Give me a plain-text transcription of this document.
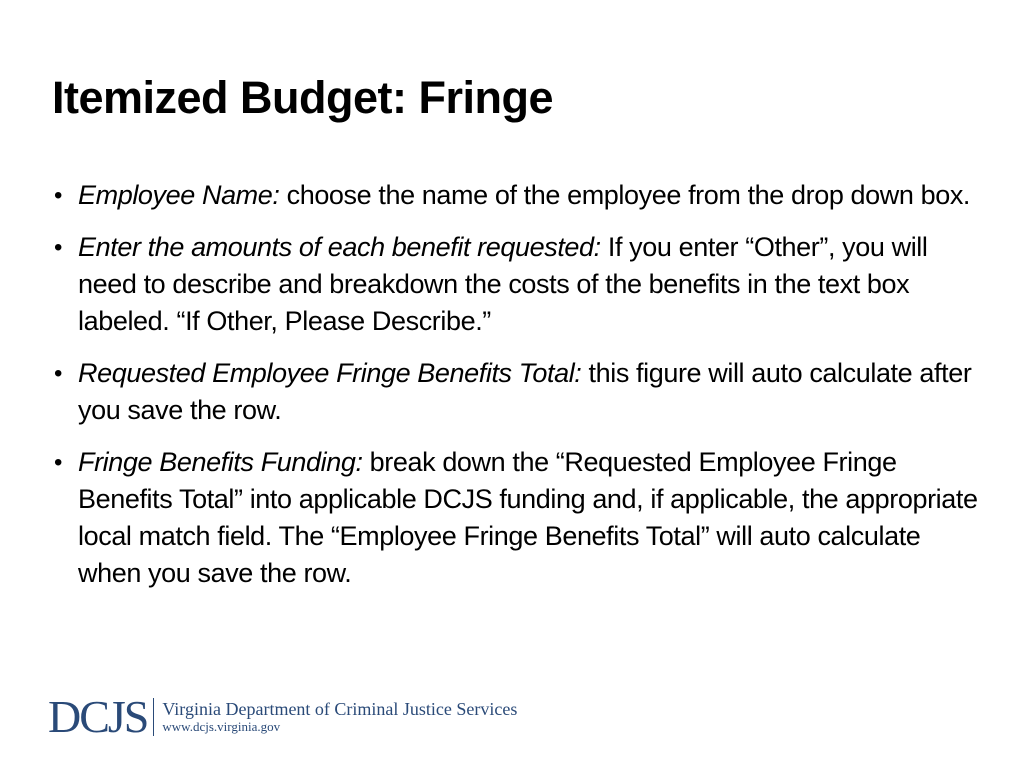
Itemized Budget: Fringe
• Employee Name: choose the name of the employee from the drop down box.
• Enter the amounts of each benefit requested: If you enter “Other”, you will need to describe and breakdown the costs of the benefits in the text box labeled. “If Other, Please Describe.”
• Requested Employee Fringe Benefits Total: this figure will auto calculate after you save the row.
• Fringe Benefits Funding: break down the “Requested Employee Fringe Benefits Total” into applicable DCJS funding and, if applicable, the appropriate local match field. The “Employee Fringe Benefits Total” will auto calculate when you save the row.
DCJS Virginia Department of Criminal Justice Services
www.dcjs.virginia.gov
